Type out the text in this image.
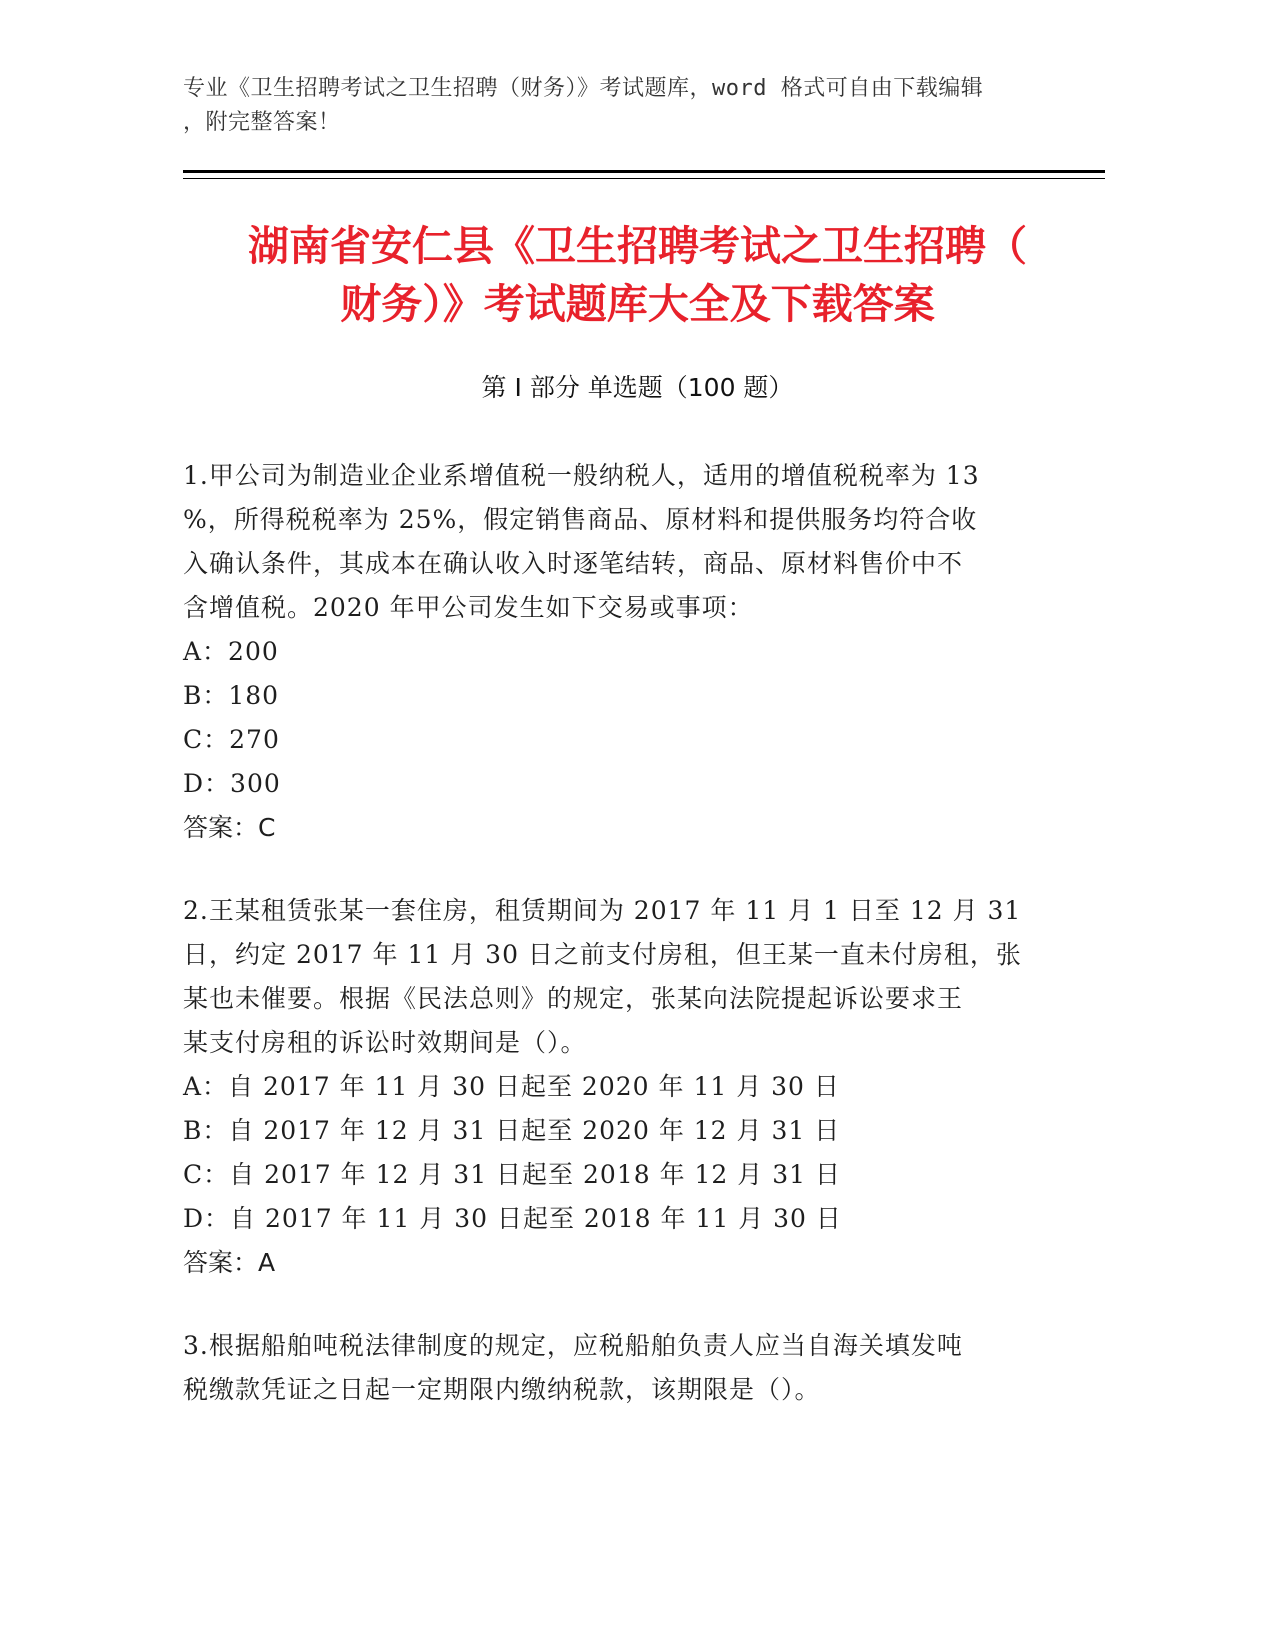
专业《卫生招聘考试之卫生招聘（财务）》考试题库，word 格式可自由下载编辑
，附完整答案！
湖南省安仁县《卫生招聘考试之卫生招聘（
财务）》考试题库大全及下载答案
第 I 部分 单选题（100 题）
1.甲公司为制造业企业系增值税一般纳税人，适用的增值税税率为 13
%，所得税税率为 25%，假定销售商品、原材料和提供服务均符合收
入确认条件，其成本在确认收入时逐笔结转，商品、原材料售价中不
含增值税。2020 年甲公司发生如下交易或事项：
A：200
B：180
C：270
D：300
答案：C
2.王某租赁张某一套住房，租赁期间为 2017 年 11 月 1 日至 12 月 31
日，约定 2017 年 11 月 30 日之前支付房租，但王某一直未付房租，张
某也未催要。根据《民法总则》的规定，张某向法院提起诉讼要求王
某支付房租的诉讼时效期间是（）。
A：自 2017 年 11 月 30 日起至 2020 年 11 月 30 日
B：自 2017 年 12 月 31 日起至 2020 年 12 月 31 日
C：自 2017 年 12 月 31 日起至 2018 年 12 月 31 日
D：自 2017 年 11 月 30 日起至 2018 年 11 月 30 日
答案：A
3.根据船舶吨税法律制度的规定，应税船舶负责人应当自海关填发吨
税缴款凭证之日起一定期限内缴纳税款，该期限是（）。
